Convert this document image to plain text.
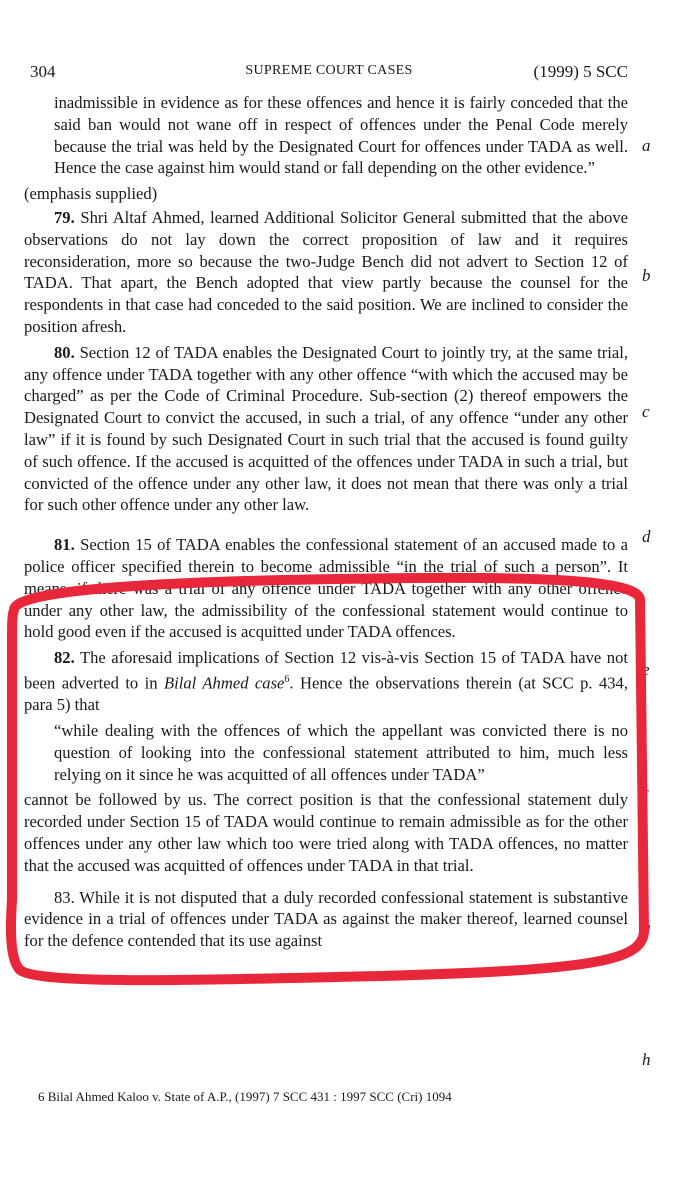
304	SUPREME COURT CASES	(1999) 5 SCC

inadmissible in evidence as for these offences and hence it is fairly conceded that the said ban would not wane off in respect of offences under the Penal Code merely because the trial was held by the Designated Court for offences under TADA as well. Hence the case against him would stand or fall depending on the other evidence.”

(emphasis supplied)

79. Shri Altaf Ahmed, learned Additional Solicitor General submitted that the above observations do not lay down the correct proposition of law and it requires reconsideration, more so because the two-Judge Bench did not advert to Section 12 of TADA. That apart, the Bench adopted that view partly because the counsel for the respondents in that case had conceded to the said position. We are inclined to consider the position afresh.

80. Section 12 of TADA enables the Designated Court to jointly try, at the same trial, any offence under TADA together with any other offence “with which the accused may be charged” as per the Code of Criminal Procedure. Sub-section (2) thereof empowers the Designated Court to convict the accused, in such a trial, of any offence “under any other law” if it is found by such Designated Court in such trial that the accused is found guilty of such offence. If the accused is acquitted of the offences under TADA in such a trial, but convicted of the offence under any other law, it does not mean that there was only a trial for such other offence under any other law.

81. Section 15 of TADA enables the confessional statement of an accused made to a police officer specified therein to become admissible “in the trial of such a person”. It means, if there was a trial of any offence under TADA together with any other offence under any other law, the admissibility of the confessional statement would continue to hold good even if the accused is acquitted under TADA offences.

82. The aforesaid implications of Section 12 vis-à-vis Section 15 of TADA have not been adverted to in Bilal Ahmed case$^6$. Hence the observations therein (at SCC p. 434, para 5) that

“while dealing with the offences of which the appellant was convicted there is no question of looking into the confessional statement attributed to him, much less relying on it since he was acquitted of all offences under TADA”

cannot be followed by us. The correct position is that the confessional statement duly recorded under Section 15 of TADA would continue to remain admissible as for the other offences under any other law which too were tried along with TADA offences, no matter that the accused was acquitted of offences under TADA in that trial.

83. While it is not disputed that a duly recorded confessional statement is substantive evidence in a trial of offences under TADA as against the maker thereof, learned counsel for the defence contended that its use against

a
b
c
d
e
f
g
h
6 Bilal Ahmed Kaloo v. State of A.P., (1997) 7 SCC 431 : 1997 SCC (Cri) 1094
